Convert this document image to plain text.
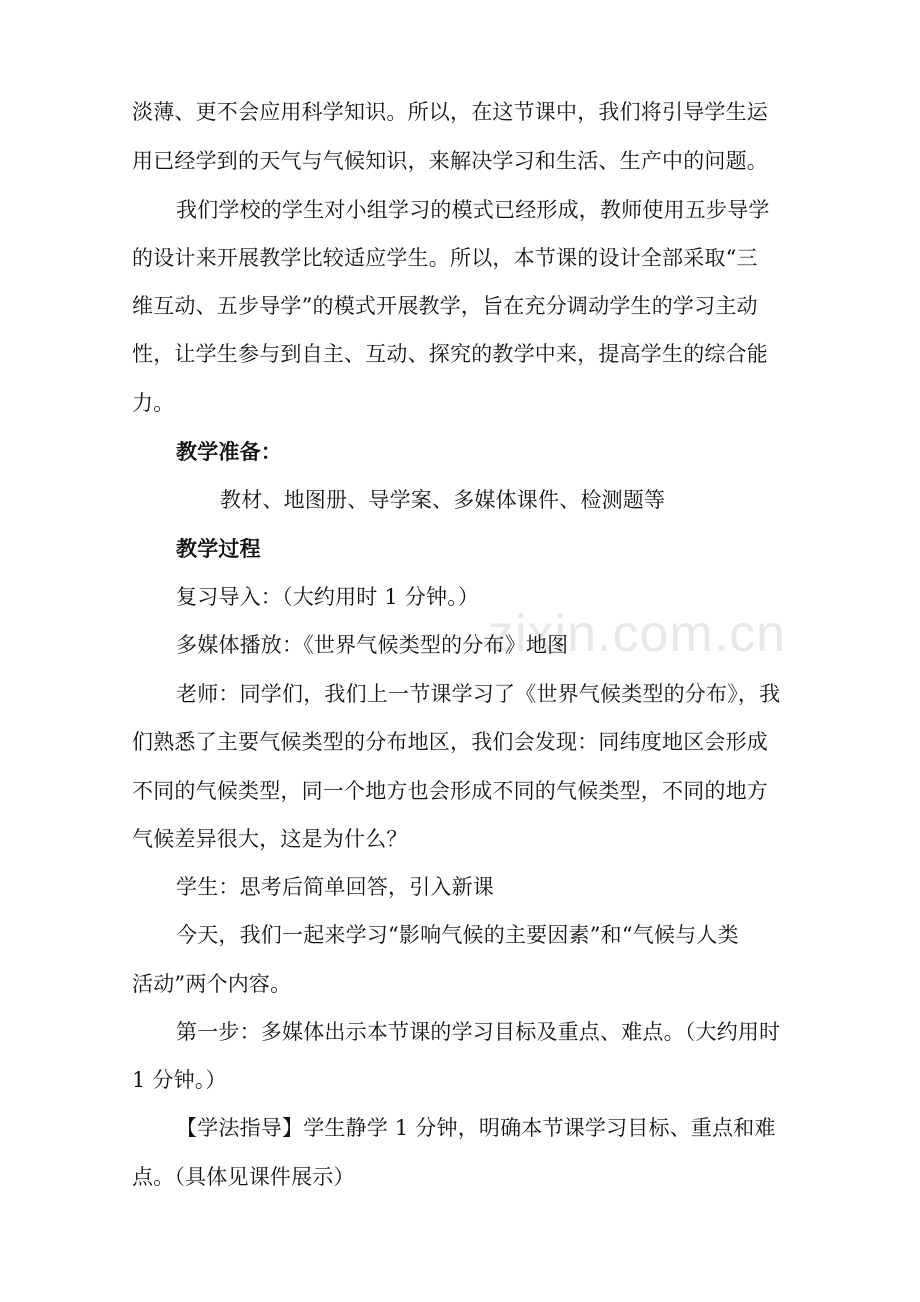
zixin.com.cn
淡薄、更不会应用科学知识。所以，在这节课中，我们将引导学生运
用已经学到的天气与气候知识，来解决学习和生活、生产中的问题。
我们学校的学生对小组学习的模式已经形成，教师使用五步导学
的设计来开展教学比较适应学生。所以，本节课的设计全部采取“三
维互动、五步导学”的模式开展教学，旨在充分调动学生的学习主动
性，让学生参与到自主、互动、探究的教学中来，提高学生的综合能
力。
教学准备：
教材、地图册、导学案、多媒体课件、检测题等
教学过程
复习导入：（大约用时 1 分钟。）
多媒体播放：《世界气候类型的分布》地图
老师：同学们，我们上一节课学习了《世界气候类型的分布》，我
们熟悉了主要气候类型的分布地区，我们会发现：同纬度地区会形成
不同的气候类型，同一个地方也会形成不同的气候类型，不同的地方
气候差异很大，这是为什么？
学生：思考后简单回答，引入新课
今天，我们一起来学习“影响气候的主要因素”和“气候与人类
活动”两个内容。
第一步：多媒体出示本节课的学习目标及重点、难点。（大约用时
1 分钟。）
【学法指导】学生静学 1 分钟，明确本节课学习目标、重点和难
点。（具体见课件展示）
